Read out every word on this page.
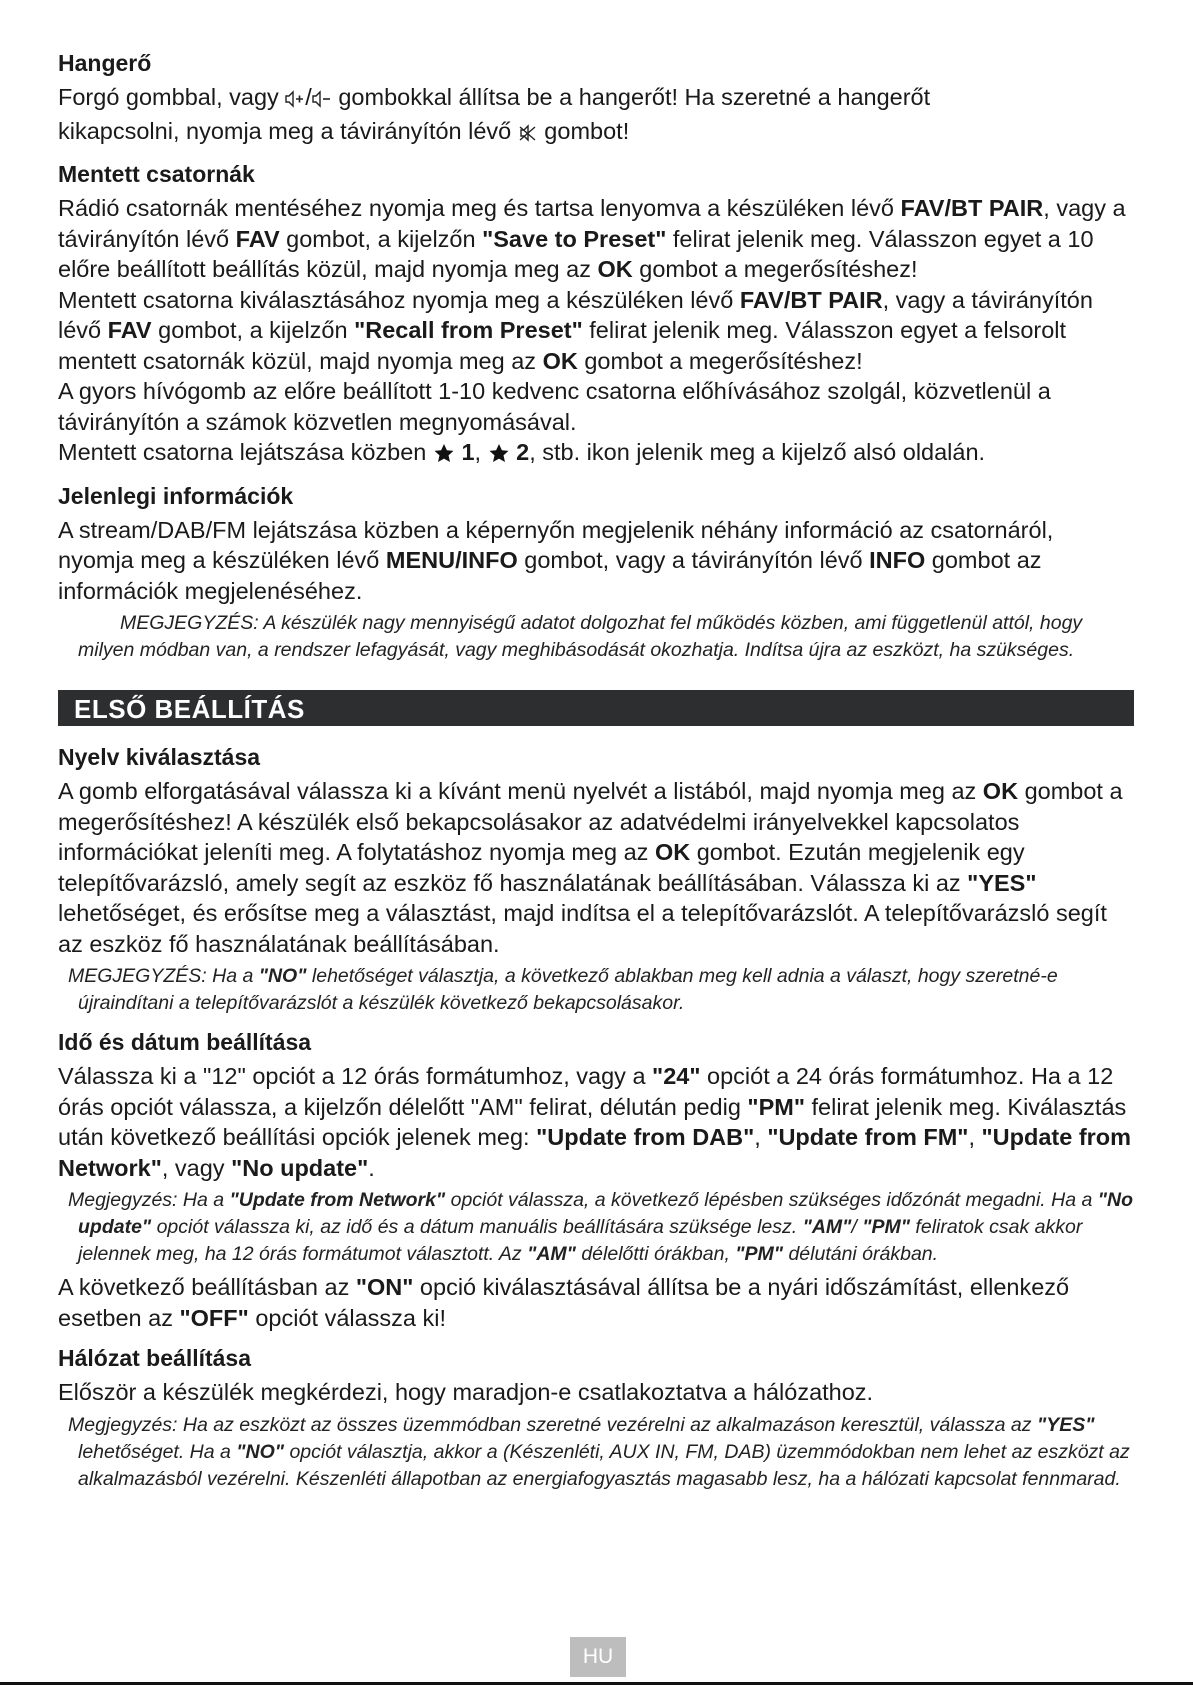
Hangerő

Forgó gombbal, vagy / gombokkal állítsa be a hangerőt! Ha szeretné a hangerőt
kikapcsolni, nyomja meg a távirányítón lévő  gombot!

Mentett csatornák

Rádió csatornák mentéséhez nyomja meg és tartsa lenyomva a készüléken lévő FAV/BT PAIR, vagy a távirányítón lévő FAV gombot, a kijelzőn "Save to Preset" felirat jelenik meg. Válasszon egyet a 10 előre beállított beállítás közül, majd nyomja meg az OK gombot a megerősítéshez!

Mentett csatorna kiválasztásához nyomja meg a készüléken lévő FAV/BT PAIR, vagy a távirányítón lévő FAV gombot, a kijelzőn "Recall from Preset" felirat jelenik meg. Válasszon egyet a felsorolt mentett csatornák közül, majd nyomja meg az OK gombot a megerősítéshez!

A gyors hívógomb az előre beállított 1-10 kedvenc csatorna előhívásához szolgál, közvetlenül a távirányítón a számok közvetlen megnyomásával.

Mentett csatorna lejátszása közben  1,  2, stb. ikon jelenik meg a kijelző alsó oldalán.

Jelenlegi információk

A stream/DAB/FM lejátszása közben a képernyőn megjelenik néhány információ az csatornáról, nyomja meg a készüléken lévő MENU/INFO gombot, vagy a távirányítón lévő INFO gombot az információk megjelenéséhez.

MEGJEGYZÉS: A készülék nagy mennyiségű adatot dolgozhat fel működés közben, ami függetlenül attól, hogy milyen módban van, a rendszer lefagyását, vagy meghibásodását okozhatja. Indítsa újra az eszközt, ha szükséges.

ELSŐ BEÁLLÍTÁS
Nyelv kiválasztása

A gomb elforgatásával válassza ki a kívánt menü nyelvét a listából, majd nyomja meg az OK gombot a megerősítéshez! A készülék első bekapcsolásakor az adatvédelmi irányelvekkel kapcsolatos információkat jeleníti meg. A folytatáshoz nyomja meg az OK gombot. Ezután megjelenik egy telepítővarázsló, amely segít az eszköz fő használatának beállításában. Válassza ki az "YES" lehetőséget, és erősítse meg a választást, majd indítsa el a telepítővarázslót. A telepítővarázsló segít az eszköz fő használatának beállításában.

MEGJEGYZÉS: Ha a "NO" lehetőséget választja, a következő ablakban meg kell adnia a választ, hogy szeretné-e újraindítani a telepítővarázslót a készülék következő bekapcsolásakor.

Idő és dátum beállítása

Válassza ki a "12" opciót a 12 órás formátumhoz, vagy a "24" opciót a 24 órás formátumhoz. Ha a 12 órás opciót válassza, a kijelzőn délelőtt "AM" felirat, délután pedig "PM" felirat jelenik meg. Kiválasztás után következő beállítási opciók jelenek meg: "Update from DAB", "Update from FM", "Update from Network", vagy "No update".

Megjegyzés: Ha a "Update from Network" opciót válassza, a következő lépésben szükséges időzónát megadni. Ha a "No update" opciót válassza ki, az idő és a dátum manuális beállítására szüksége lesz. "AM"/ "PM" feliratok csak akkor jelennek meg, ha 12 órás formátumot választott. Az "AM" délelőtti órákban, "PM" délutáni órákban.

A következő beállításban az "ON" opció kiválasztásával állítsa be a nyári időszámítást, ellenkező esetben az "OFF" opciót válassza ki!

Hálózat beállítása

Először a készülék megkérdezi, hogy maradjon-e csatlakoztatva a hálózathoz.

Megjegyzés: Ha az eszközt az összes üzemmódban szeretné vezérelni az alkalmazáson keresztül, válassza az "YES" lehetőséget. Ha a "NO" opciót választja, akkor a (Készenléti, AUX IN, FM, DAB) üzemmódokban nem lehet az eszközt az alkalmazásból vezérelni. Készenléti állapotban az energiafogyasztás magasabb lesz, ha a hálózati kapcsolat fennmarad.

HU
